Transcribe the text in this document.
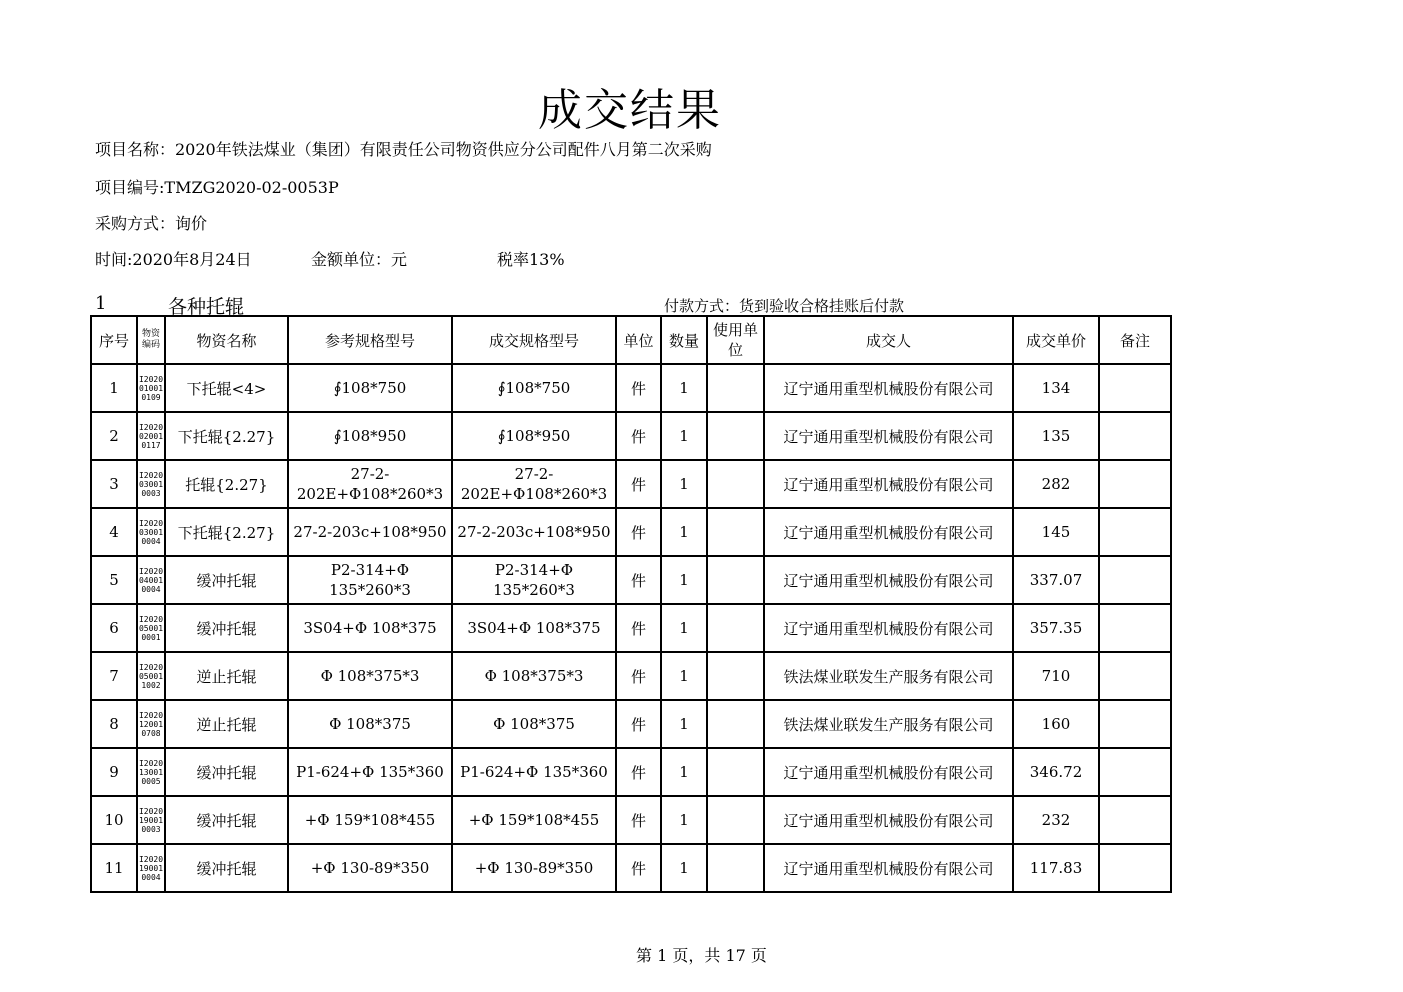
成交结果
项目名称：2020年铁法煤业（集团）有限责任公司物资供应分公司配件八月第二次采购
项目编号:TMZG2020-02-0053P
采购方式：询价
时间:2020年8月24日	金额单位：元	税率13%
1	各种托辊	付款方式：货到验收合格挂账后付款
序号	物资编码	物资名称	参考规格型号	成交规格型号	单位	数量	使用单位	成交人	成交单价	备注
1	I2020010010109	下托辊<4>	∮108*750	∮108*750	件	1		辽宁通用重型机械股份有限公司	134	
2	I2020020010117	下托辊{2.27}	∮108*950	∮108*950	件	1		辽宁通用重型机械股份有限公司	135	
3	I2020030010003	托辊{2.27}	27-2-202E+Φ108*260*3	27-2-202E+Φ108*260*3	件	1		辽宁通用重型机械股份有限公司	282	
4	I2020030010004	下托辊{2.27}	27-2-203c+108*950	27-2-203c+108*950	件	1		辽宁通用重型机械股份有限公司	145	
5	I2020040010004	缓冲托辊	P2-314+Φ 135*260*3	P2-314+Φ 135*260*3	件	1		辽宁通用重型机械股份有限公司	337.07	
6	I2020050010001	缓冲托辊	3S04+Φ 108*375	3S04+Φ 108*375	件	1		辽宁通用重型机械股份有限公司	357.35	
7	I2020050011002	逆止托辊	Φ 108*375*3	Φ 108*375*3	件	1		铁法煤业联发生产服务有限公司	710	
8	I2020120010708	逆止托辊	Φ 108*375	Φ 108*375	件	1		铁法煤业联发生产服务有限公司	160	
9	I2020130010005	缓冲托辊	P1-624+Φ 135*360	P1-624+Φ 135*360	件	1		辽宁通用重型机械股份有限公司	346.72	
10	I2020190010003	缓冲托辊	+Φ 159*108*455	+Φ 159*108*455	件	1		辽宁通用重型机械股份有限公司	232	
11	I2020190010004	缓冲托辊	+Φ 130-89*350	+Φ 130-89*350	件	1		辽宁通用重型机械股份有限公司	117.83	
第 1 页，共 17 页
